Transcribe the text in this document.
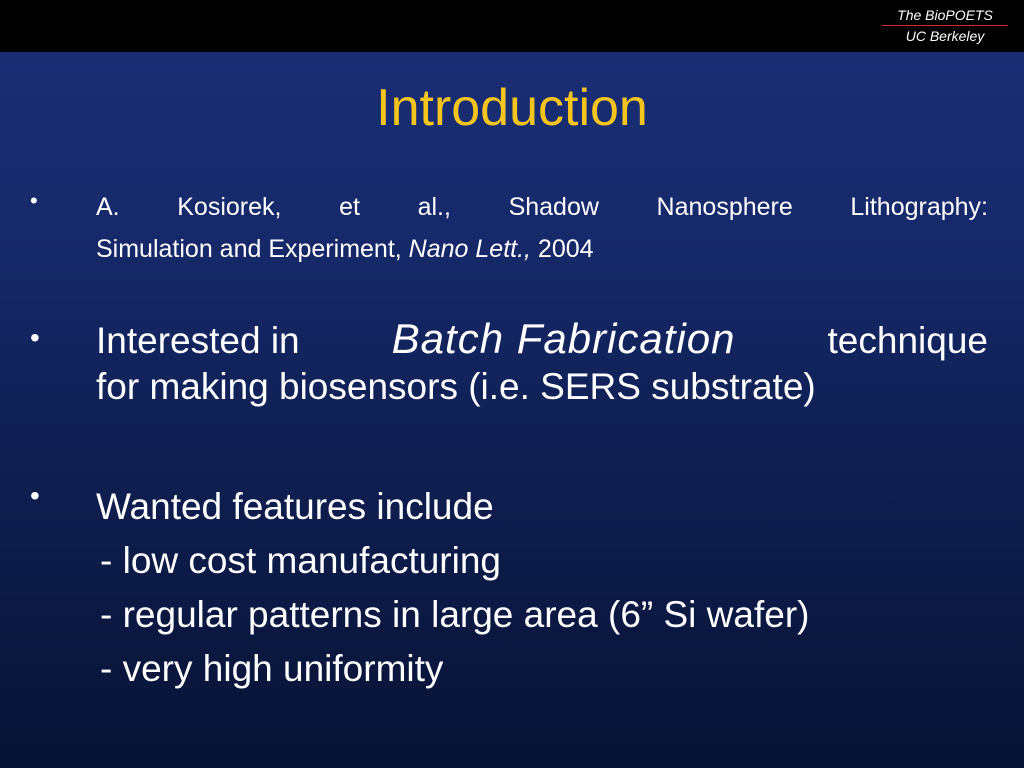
The BioPOETS
UC Berkeley
Introduction
• A. Kosiorek, et al., Shadow Nanosphere Lithography:
Simulation and Experiment, Nano Lett., 2004
• Interested in Batch Fabrication technique
for making biosensors (i.e. SERS substrate)
• Wanted features include
- low cost manufacturing
- regular patterns in large area (6” Si wafer)
- very high uniformity
